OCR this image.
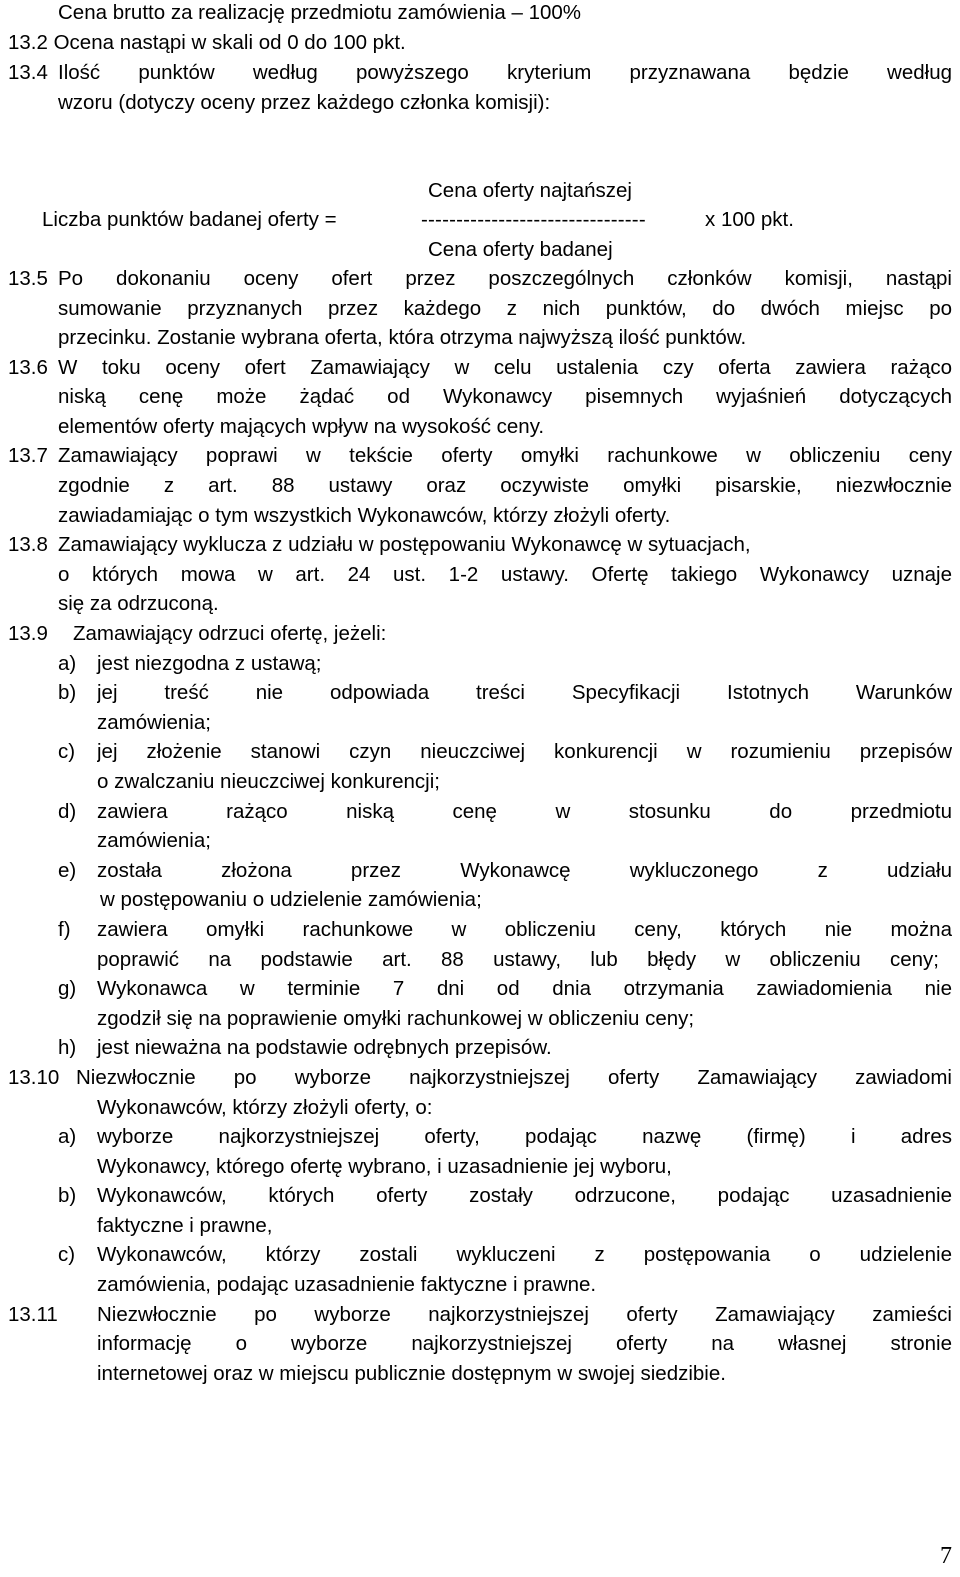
Cena brutto za realizację przedmiotu zamówienia – 100%
13.2 Ocena nastąpi w skali od 0 do 100 pkt.
13.4 Ilość punktów według powyższego kryterium przyznawana będzie według
wzoru (dotyczy oceny przez każdego członka komisji):
Cena oferty najtańszej
Liczba punktów badanej oferty =	--------------------------------	x 100 pkt.
Cena oferty badanej
13.5 Po dokonaniu oceny ofert przez poszczególnych członków komisji, nastąpi
sumowanie przyznanych przez każdego z nich punktów, do dwóch miejsc po
przecinku. Zostanie wybrana oferta, która otrzyma najwyższą ilość punktów.
13.6 W toku oceny ofert Zamawiający w celu ustalenia czy oferta zawiera rażąco
niską cenę może żądać od Wykonawcy pisemnych wyjaśnień dotyczących
elementów oferty mających wpływ na wysokość ceny.
13.7 Zamawiający poprawi w tekście oferty omyłki rachunkowe w obliczeniu ceny
zgodnie z art. 88 ustawy oraz oczywiste omyłki pisarskie, niezwłocznie
zawiadamiając o tym wszystkich Wykonawców, którzy złożyli oferty.
13.8 Zamawiający wyklucza z udziału w postępowaniu Wykonawcę w sytuacjach,
o których mowa w art. 24 ust. 1-2 ustawy. Ofertę takiego Wykonawcy uznaje
się za odrzuconą.
13.9 Zamawiający odrzuci ofertę, jeżeli:
a) jest niezgodna z ustawą;
b) jej treść nie odpowiada treści Specyfikacji Istotnych Warunków
zamówienia;
c) jej złożenie stanowi czyn nieuczciwej konkurencji w rozumieniu przepisów
o zwalczaniu nieuczciwej konkurencji;
d) zawiera rażąco niską cenę w stosunku do przedmiotu
zamówienia;
e) została złożona przez Wykonawcę wykluczonego z udziału
w postępowaniu o udzielenie zamówienia;
f) zawiera omyłki rachunkowe w obliczeniu ceny, których nie można
poprawić na podstawie art. 88 ustawy, lub błędy w obliczeniu ceny;
g) Wykonawca w terminie 7 dni od dnia otrzymania zawiadomienia nie
zgodził się na poprawienie omyłki rachunkowej w obliczeniu ceny;
h) jest nieważna na podstawie odrębnych przepisów.
13.10 Niezwłocznie po wyborze najkorzystniejszej oferty Zamawiający zawiadomi
Wykonawców, którzy złożyli oferty, o:
a) wyborze najkorzystniejszej oferty, podając nazwę (firmę) i adres
Wykonawcy, którego ofertę wybrano, i uzasadnienie jej wyboru,
b) Wykonawców, których oferty zostały odrzucone, podając uzasadnienie
faktyczne i prawne,
c) Wykonawców, którzy zostali wykluczeni z postępowania o udzielenie
zamówienia, podając uzasadnienie faktyczne i prawne.
13.11 Niezwłocznie po wyborze najkorzystniejszej oferty Zamawiający zamieści
informację o wyborze najkorzystniejszej oferty na własnej stronie
internetowej oraz w miejscu publicznie dostępnym w swojej siedzibie.
7
